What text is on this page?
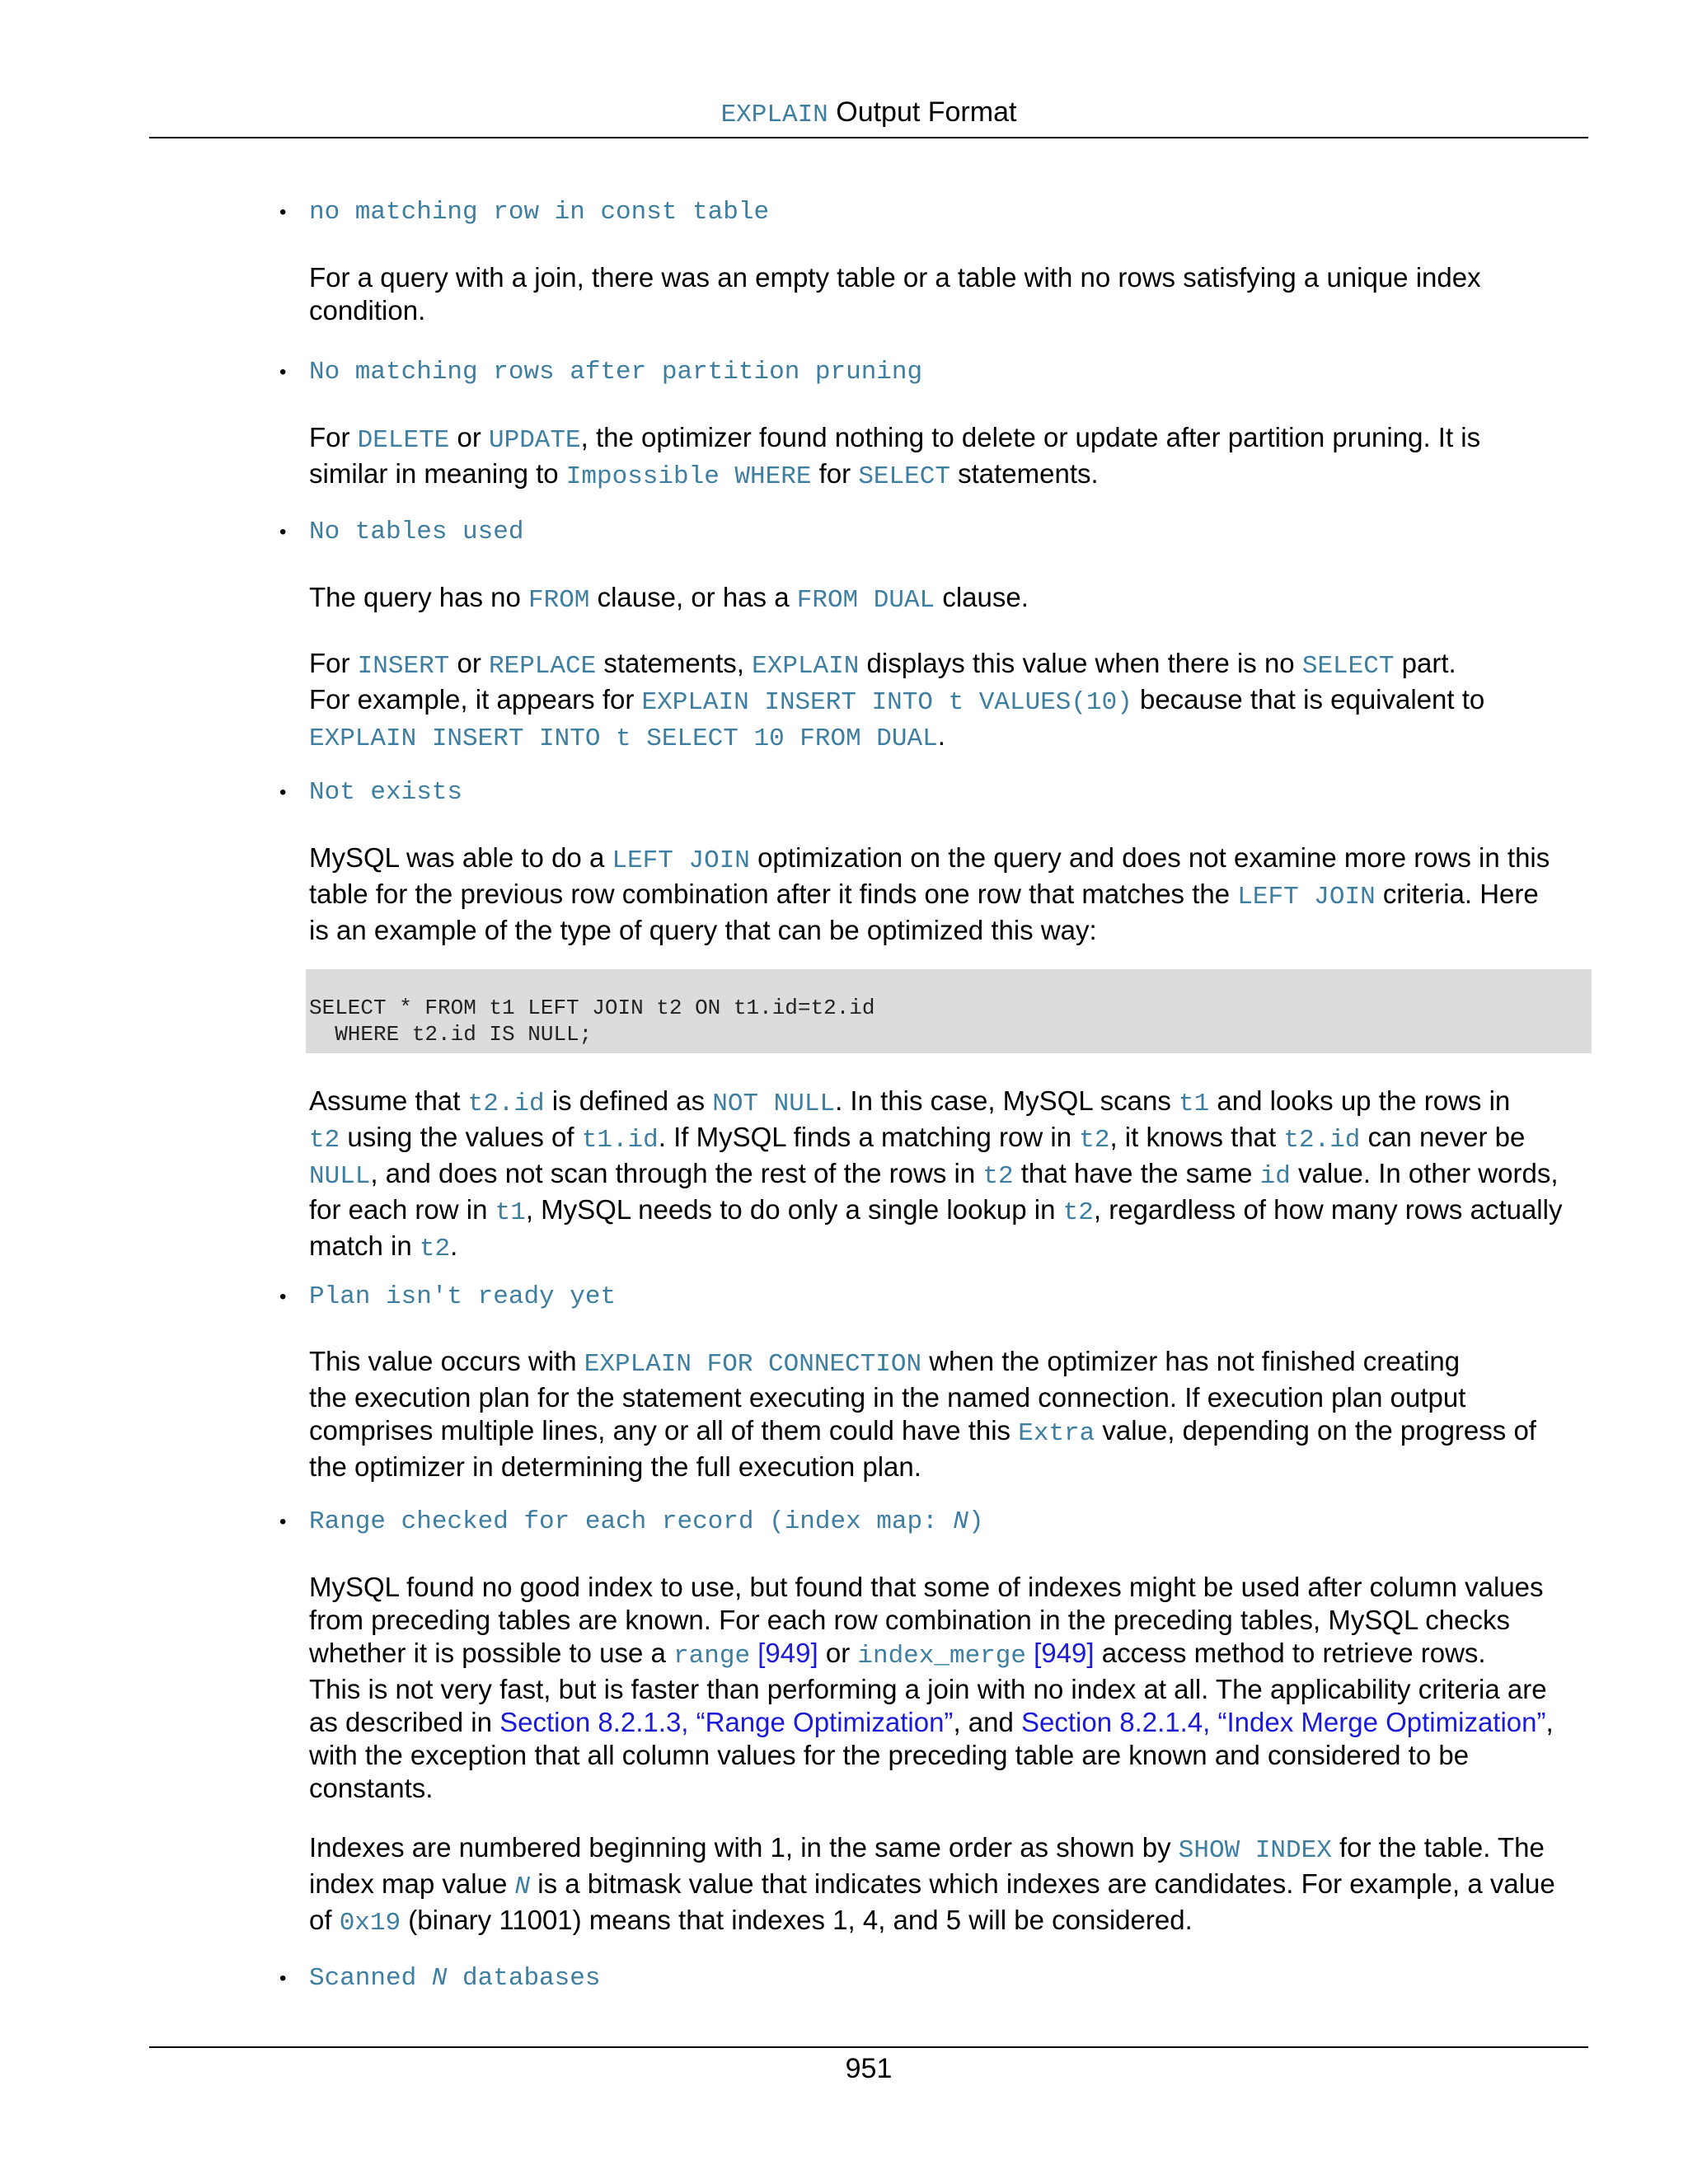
EXPLAIN Output Format
• no matching row in const table
For a query with a join, there was an empty table or a table with no rows satisfying a unique index
condition.
• No matching rows after partition pruning
For DELETE or UPDATE, the optimizer found nothing to delete or update after partition pruning. It is
similar in meaning to Impossible WHERE for SELECT statements.
• No tables used
The query has no FROM clause, or has a FROM DUAL clause.
For INSERT or REPLACE statements, EXPLAIN displays this value when there is no SELECT part.
For example, it appears for EXPLAIN INSERT INTO t VALUES(10) because that is equivalent to
EXPLAIN INSERT INTO t SELECT 10 FROM DUAL.
• Not exists
MySQL was able to do a LEFT JOIN optimization on the query and does not examine more rows in this
table for the previous row combination after it finds one row that matches the LEFT JOIN criteria. Here
is an example of the type of query that can be optimized this way:
SELECT * FROM t1 LEFT JOIN t2 ON t1.id=t2.id
WHERE t2.id IS NULL;
Assume that t2.id is defined as NOT NULL. In this case, MySQL scans t1 and looks up the rows in
t2 using the values of t1.id. If MySQL finds a matching row in t2, it knows that t2.id can never be
NULL, and does not scan through the rest of the rows in t2 that have the same id value. In other words,
for each row in t1, MySQL needs to do only a single lookup in t2, regardless of how many rows actually
match in t2.
• Plan isn't ready yet
This value occurs with EXPLAIN FOR CONNECTION when the optimizer has not finished creating
the execution plan for the statement executing in the named connection. If execution plan output
comprises multiple lines, any or all of them could have this Extra value, depending on the progress of
the optimizer in determining the full execution plan.
• Range checked for each record (index map: N)
MySQL found no good index to use, but found that some of indexes might be used after column values
from preceding tables are known. For each row combination in the preceding tables, MySQL checks
whether it is possible to use a range [949] or index_merge [949] access method to retrieve rows.
This is not very fast, but is faster than performing a join with no index at all. The applicability criteria are
as described in Section 8.2.1.3, “Range Optimization”, and Section 8.2.1.4, “Index Merge Optimization”,
with the exception that all column values for the preceding table are known and considered to be
constants.
Indexes are numbered beginning with 1, in the same order as shown by SHOW INDEX for the table. The
index map value N is a bitmask value that indicates which indexes are candidates. For example, a value
of 0x19 (binary 11001) means that indexes 1, 4, and 5 will be considered.
• Scanned N databases
951
